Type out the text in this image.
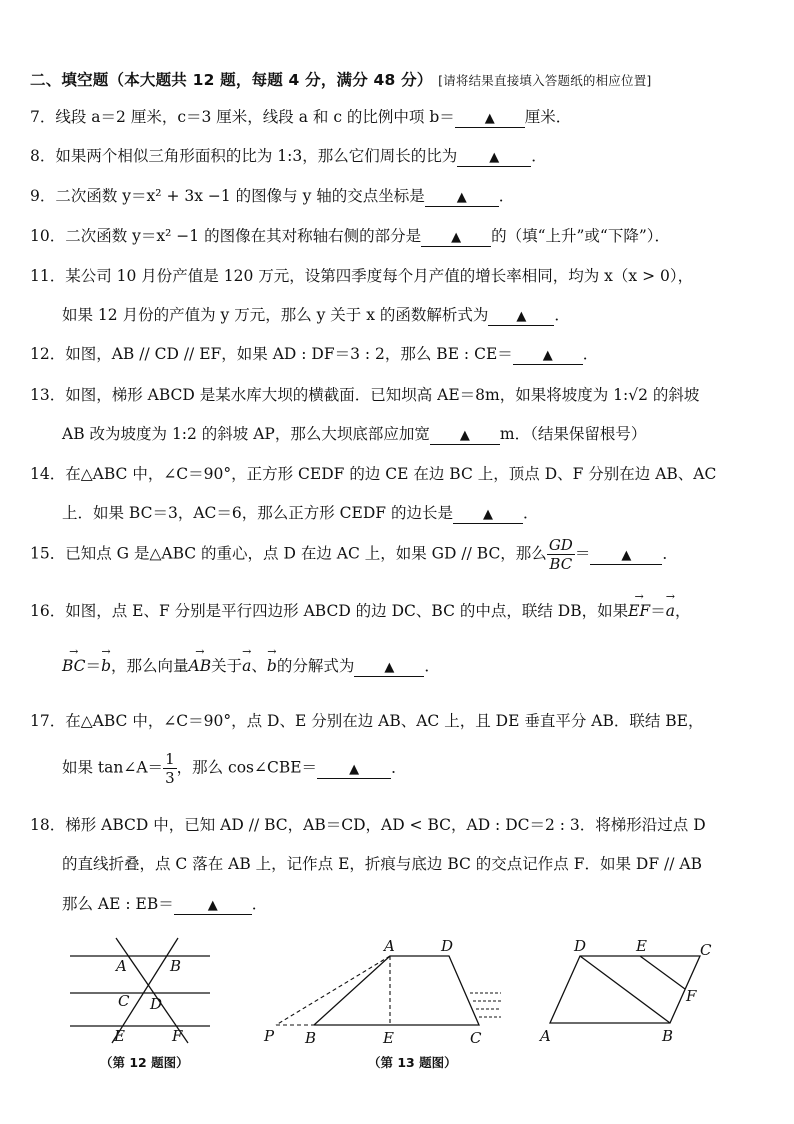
二、填空题（本大题共 12 题，每题 4 分，满分 48 分） [请将结果直接填入答题纸的相应位置]
7．线段 a＝2 厘米，c＝3 厘米，线段 a 和 c 的比例中项 b＝ ▲ 厘米．
8．如果两个相似三角形面积的比为 1:3，那么它们周长的比为 ▲ ．
9．二次函数 y＝x² + 3x −1 的图像与 y 轴的交点坐标是 ▲ ．
10．二次函数 y＝x² −1 的图像在其对称轴右侧的部分是 ▲ 的（填“上升”或“下降”）．
11．某公司 10 月份产值是 120 万元，设第四季度每个月产值的增长率相同，均为 x（x > 0），
如果 12 月份的产值为 y 万元，那么 y 关于 x 的函数解析式为 ▲ ．
12．如图，AB // CD // EF，如果 AD : DF＝3 : 2，那么 BE : CE＝ ▲ ．
13．如图，梯形 ABCD 是某水库大坝的横截面．已知坝高 AE＝8m，如果将坡度为 1:√2 的斜坡
AB 改为坡度为 1:2 的斜坡 AP，那么大坝底部应加宽 ▲ m．（结果保留根号）
14．在△ABC 中，∠C＝90°，正方形 CEDF 的边 CE 在边 BC 上，顶点 D、F 分别在边 AB、AC
上．如果 BC＝3，AC＝6，那么正方形 CEDF 的边长是 ▲ ．
15．已知点 G 是△ABC 的重心，点 D 在边 AC 上，如果 GD // BC，那么 $\frac{GD}{BC}$ ＝ ▲ ．
16．如图，点 E、F 分别是平行四边形 ABCD 的边 DC、BC 的中点，联结 DB，如果→ EF＝→ a，
→ BC＝→ b，那么向量→ AB关于→ a、→ b的分解式为 ▲ ．
17．在△ABC 中，∠C＝90°，点 D、E 分别在边 AB、AC 上，且 DE 垂直平分 AB．联结 BE，
如果 tan∠A＝ $\frac{1}{3}$ ，那么 cos∠CBE＝ ▲ ．
18．梯形 ABCD 中，已知 AD // BC，AB＝CD，AD < BC，AD : DC＝2 : 3．将梯形沿过点 D
的直线折叠，点 C 落在 AB 上，记作点 E，折痕与底边 BC 的交点记作点 F．如果 DF // AB
那么 AE : EB＝	▲ ．
A	B
C D
E	F
（第 12 题图）
A	D
P B	E	C
（第 13 题图）
D	E	C
F
A	B
